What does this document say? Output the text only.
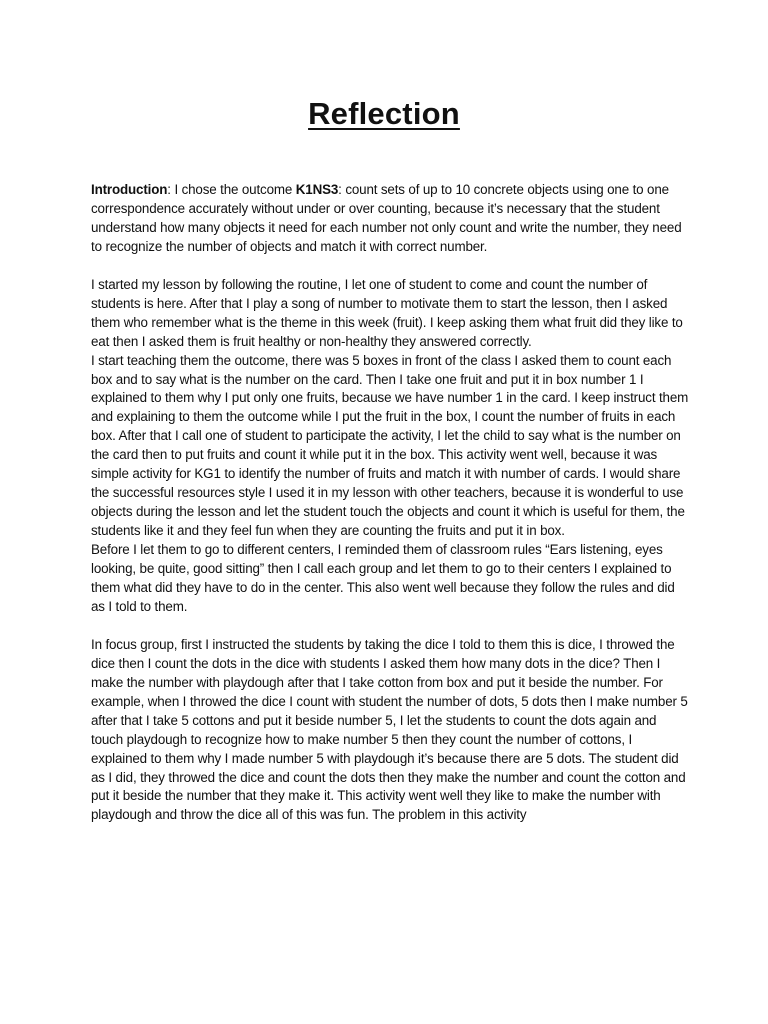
Reflection

Introduction: I chose the outcome K1NS3: count sets of up to 10 concrete objects using one to one correspondence accurately without under or over counting, because it’s necessary that the student understand how many objects it need for each number not only count and write the number, they need to recognize the number of objects and match it with correct number.

I started my lesson by following the routine, I let one of student to come and count the number of students is here. After that I play a song of number to motivate them to start the lesson, then I asked them who remember what is the theme in this week (fruit). I keep asking them what fruit did they like to eat then I asked them is fruit healthy or non-healthy they answered correctly.

I start teaching them the outcome, there was 5 boxes in front of the class I asked them to count each box and to say what is the number on the card. Then I take one fruit and put it in box number 1 I explained to them why I put only one fruits, because we have number 1 in the card. I keep instruct them and explaining to them the outcome while I put the fruit in the box, I count the number of fruits in each box. After that I call one of student to participate the activity, I let the child to say what is the number on the card then to put fruits and count it while put it in the box. This activity went well, because it was simple activity for KG1 to identify the number of fruits and match it with number of cards. I would share the successful resources style I used it in my lesson with other teachers, because it is wonderful to use objects during the lesson and let the student touch the objects and count it which is useful for them, the students like it and they feel fun when they are counting the fruits and put it in box.

Before I let them to go to different centers, I reminded them of classroom rules “Ears listening, eyes looking, be quite, good sitting” then I call each group and let them to go to their centers I explained to them what did they have to do in the center. This also went well because they follow the rules and did as I told to them.

In focus group, first I instructed the students by taking the dice I told to them this is dice, I throwed the dice then I count the dots in the dice with students I asked them how many dots in the dice? Then I make the number with playdough after that I take cotton from box and put it beside the number. For example, when I throwed the dice I count with student the number of dots, 5 dots then I make number 5 after that I take 5 cottons and put it beside number 5, I let the students to count the dots again and touch playdough to recognize how to make number 5 then they count the number of cottons, I explained to them why I made number 5 with playdough it’s because there are 5 dots. The student did as I did, they throwed the dice and count the dots then they make the number and count the cotton and put it beside the number that they make it. This activity went well they like to make the number with playdough and throw the dice all of this was fun. The problem in this activity
